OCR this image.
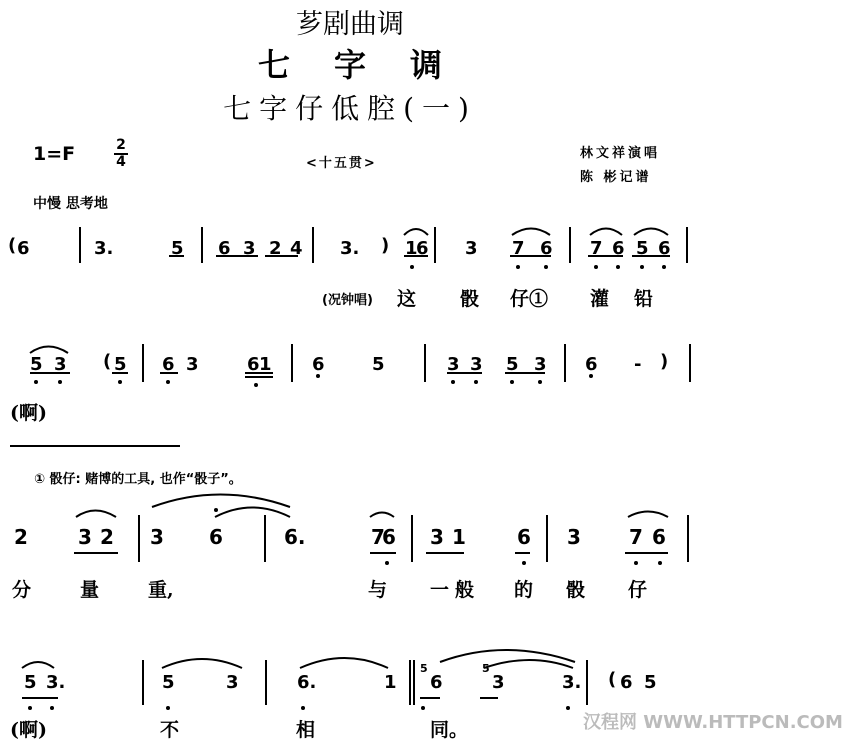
芗剧曲调
七字调
七字仔低腔(一)
1=F	2
4	<十五贯>
林文祥演唱
陈 彬记谱
中慢 思考地
( 6	3.	5 6 3 2 4 3. ) 1
6 3 7 6 7 6 5 6
(况钟唱) 这 骰 仔① 灌 铅
5 3 ( 5 6 3	6 1 6	5	3 3 5 3 6 - )
(啊)
① 骰仔: 赌博的工具, 也作“骰子”。
2	3 2 3 6	6.	7
6 3 1	6 3 7 6
分	量	重,	与 一 般 的 骰 仔
5 3.	5	3	6.	1
5
6
5
3	3. ( 6 5
(啊)	不	相	同。	汉程网 WWW.HTTPCN.COM
